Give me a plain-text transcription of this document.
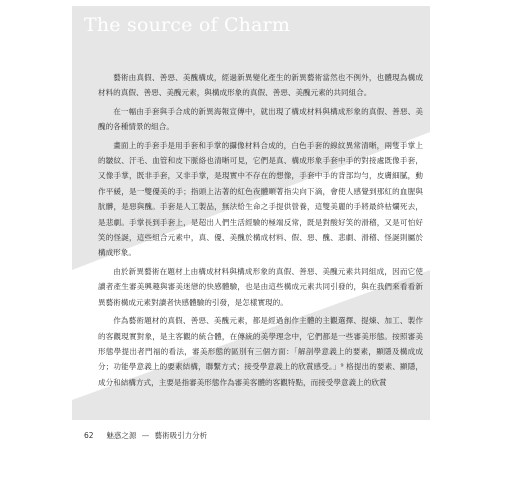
The source of Charm

藝術由真假、善惡、美醜構成，經過新異變化產生的新異藝術當然也不例外，也體現為構成材料的真假、善惡、美醜元素，與構成形象的真假、善惡、美醜元素的共同組合。

在一幅由手套與手合成的新異海報宣傳中，就出現了構成材料與構成形象的真假、善惡、美醜的各種情景的組合。

畫面上的手套手是用手套和手掌的攝像材料合成的，白色手套的線紋異常清晰，兩隻手掌上的皺紋、汗毛、血管和皮下脈絡也清晰可見，它們是真、構成形象手套中手的對接處既像手套，又像手掌，既非手套，又非手掌，是現實中不存在的想像，手套中手的背部均勻，皮膚細膩，動作平緩，是一雙優美的手；指頭上沾著的紅色夜體順著指尖向下滴，會使人感覺到那紅的血腥與肮髒，是惡與醜。手套是人工製品，無法給生命之手提供營養，這雙美麗的手將最終枯爛死去，是悲劇。手掌長到手套上，是超出人們生活經驗的極端反常，既是對酸好笑的滑稽，又是可怕好笑的怪誕，這些組合元素中，真、優、美醜於構成材料、假、惡、醜、悲劇、滑稽、怪誕則屬於構成形象。

由於新異藝術在題材上由構成材料與構成形象的真假、善惡、美醜元素共同組成，因而它使讀者產生審美興趣與審美迷戀的快感體驗，也是由這些構成元素共同引發的，與在我們來看看新異藝術構成元素對讀者快感體驗的引發，是怎樣實現的。

作為藝術題材的真假、善惡、美醜元素，都是經過創作主體的主觀選擇、提煉、加工、製作的客觀現實對象，是主客觀的統合體，在傳統的美學理念中，它們都是一些審美形態。按照審美形態學提出者門福的看法，審美形態的區別有三個方面：「解剖學意義上的要素，顯隱及構成成分；功能學意義上的要素結構，聯繫方式；接受學意義上的欣賞感受。」⁹ 格提出的要素、顯隱，成分和結構方式，主要是指審美形態作為審美客體的客觀特點，而接受學意義上的欣賞

62 魅惑之源 — 藝術吸引力分析
